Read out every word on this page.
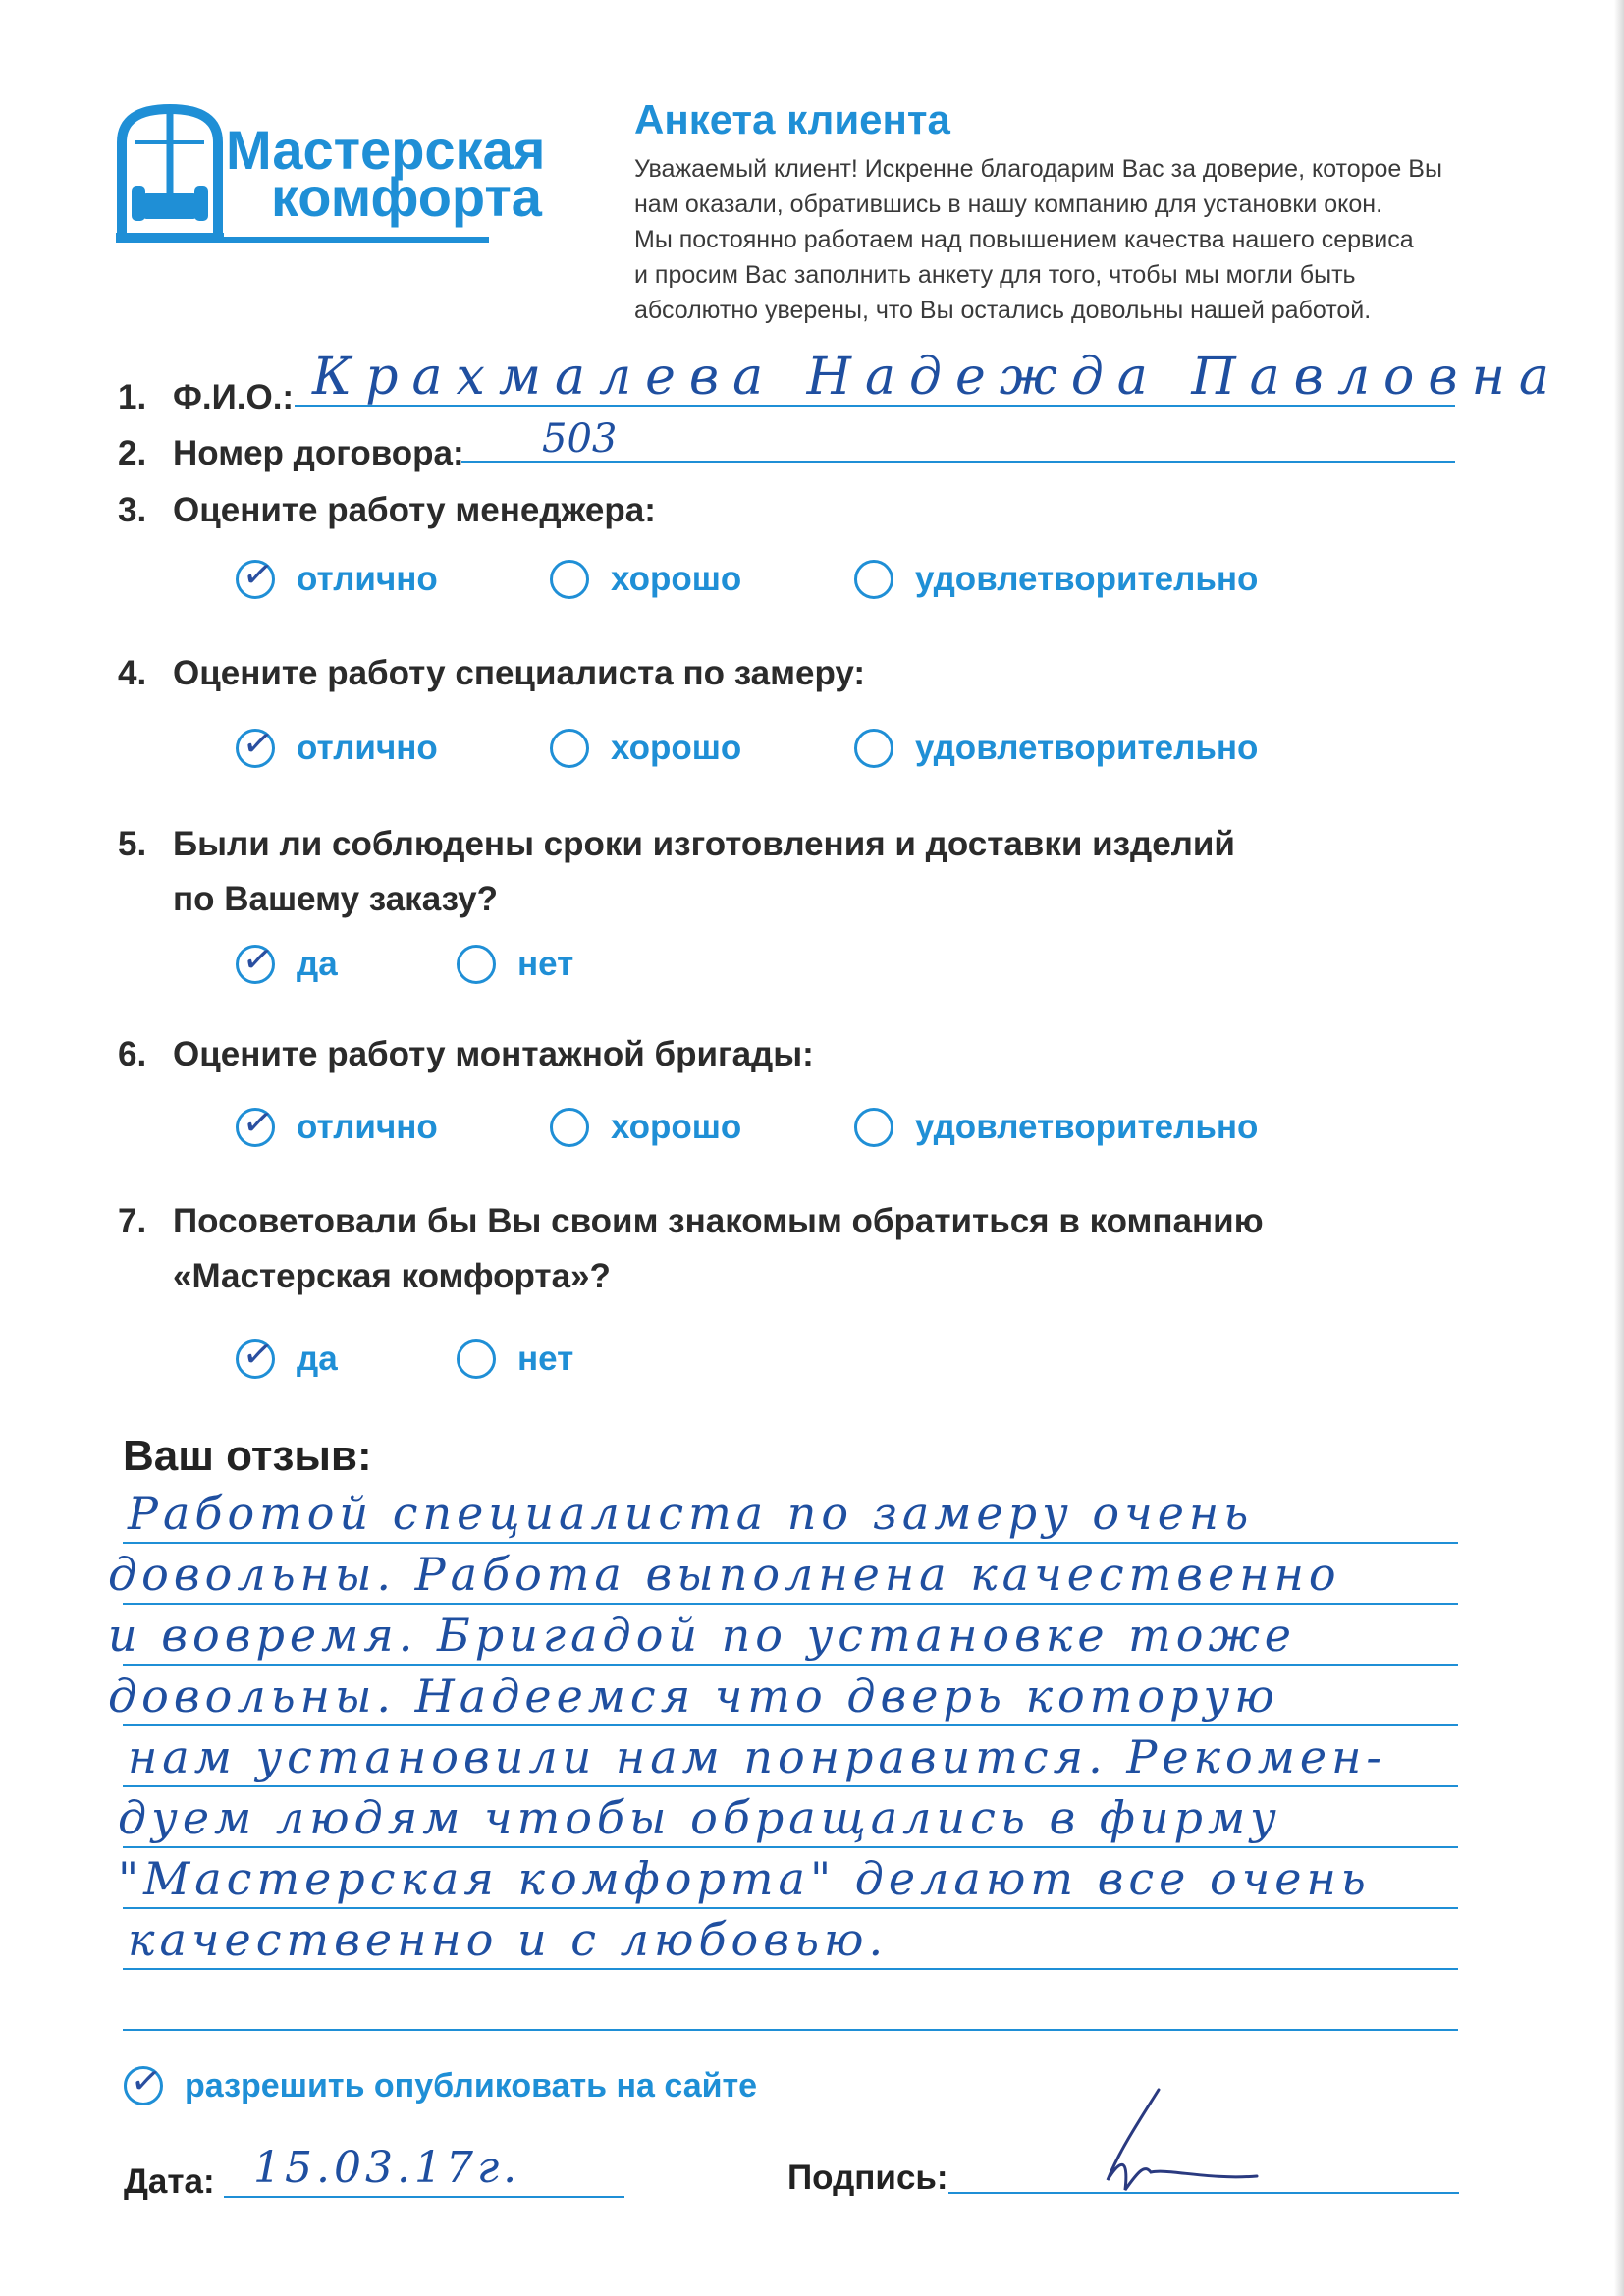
Мастерская
комфорта
Анкета клиента
Уважаемый клиент! Искренне благодарим Вас за доверие, которое Вы
нам оказали, обратившись в нашу компанию для установки окон.
Мы постоянно работаем над повышением качества нашего сервиса
и просим Вас заполнить анкету для того, чтобы мы могли быть
абсолютно уверены, что Вы остались довольны нашей работой.
1. Ф.И.О.: Крахмалева Надежда Павловна
2. Номер договора: 503
3. Оцените работу менеджера:
✓ отлично	хорошо	удовлетворительно
4. Оцените работу специалиста по замеру:
✓ отлично	хорошо	удовлетворительно
5. Были ли соблюдены сроки изготовления и доставки изделий
по Вашему заказу?
✓ да	нет
6. Оцените работу монтажной бригады:
✓ отлично	хорошо	удовлетворительно
7. Посоветовали бы Вы своим знакомым обратиться в компанию
«Мастерская комфорта»?
✓ да	нет
Ваш отзыв:
Работой специалиста по замеру очень
довольны. Работа выполнена качественно
и вовремя. Бригадой по установке тоже
довольны. Надеемся что дверь которую
нам установили нам понравится. Рекомен-
дуем людям чтобы обращались в фирму
"Мастерская комфорта" делают все очень
качественно и с любовью.
✓ разрешить опубликовать на сайте
Дата: 15.03.17г.	Подпись:
